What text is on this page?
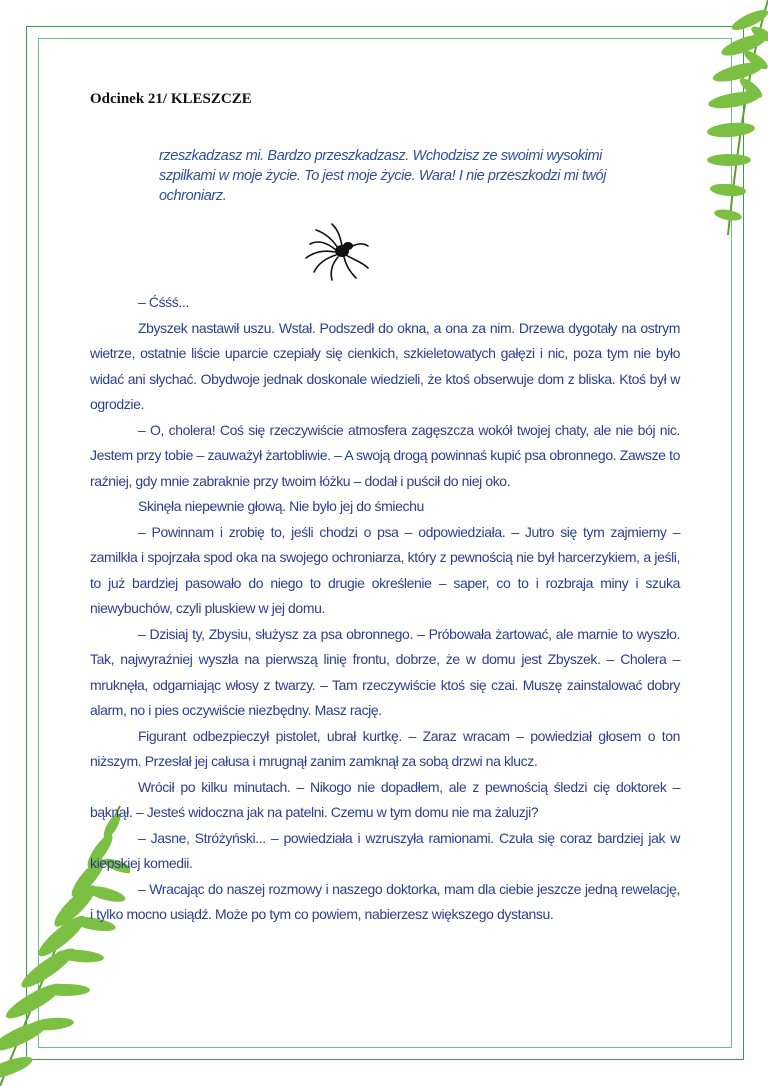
Odcinek 21/ KLESZCZE

rzeszkadzasz mi. Bardzo przeszkadzasz. Wchodzisz ze swoimi wysokimi

szpilkami w moje życie. To jest moje życie. Wara! I nie przeszkodzi mi twój

ochroniarz.

– Ćśśś...

Zbyszek nastawił uszu. Wstał. Podszedł do okna, a ona za nim. Drzewa dygotały na ostrym wietrze, ostatnie liście uparcie czepiały się cienkich, szkieletowatych gałęzi i nic, poza tym nie było widać ani słychać. Obydwoje jednak doskonale wiedzieli, że ktoś obserwuje dom z bliska. Ktoś był w ogrodzie.

– O, cholera! Coś się rzeczywiście atmosfera zagęszcza wokół twojej chaty, ale nie bój nic. Jestem przy tobie – zauważył żartobliwie. – A swoją drogą powinnaś kupić psa obronnego. Zawsze to raźniej, gdy mnie zabraknie przy twoim łóżku – dodał i puścił do niej oko.

Skinęła niepewnie głową. Nie było jej do śmiechu

– Powinnam i zrobię to, jeśli chodzi o psa – odpowiedziała. – Jutro się tym zajmiemy – zamilkła i spojrzała spod oka na swojego ochroniarza, który z pewnością nie był harcerzykiem, a jeśli, to już bardziej pasowało do niego to drugie określenie – saper, co to i rozbraja miny i szuka niewybuchów, czyli pluskiew w jej domu.

– Dzisiaj ty, Zbysiu, służysz za psa obronnego. – Próbowała żartować, ale marnie to wyszło. Tak, najwyraźniej wyszła na pierwszą linię frontu, dobrze, że w domu jest Zbyszek. – Cholera – mruknęła, odgarniając włosy z twarzy. – Tam rzeczywiście ktoś się czai. Muszę zainstalować dobry alarm, no i pies oczywiście niezbędny. Masz rację.

Figurant odbezpieczył pistolet, ubrał kurtkę. – Zaraz wracam – powiedział głosem o ton niższym. Przesłał jej całusa i mrugnął zanim zamknął za sobą drzwi na klucz.

Wrócił po kilku minutach. – Nikogo nie dopadłem, ale z pewnością śledzi cię doktorek – bąknął. – Jesteś widoczna jak na patelni. Czemu w tym domu nie ma żaluzji?

– Jasne, Stróżyński... – powiedziała i wzruszyła ramionami. Czuła się coraz bardziej jak w kiepskiej komedii.

– Wracając do naszej rozmowy i naszego doktorka, mam dla ciebie jeszcze jedną rewelację, i tylko mocno usiądź. Może po tym co powiem, nabierzesz większego dystansu.
